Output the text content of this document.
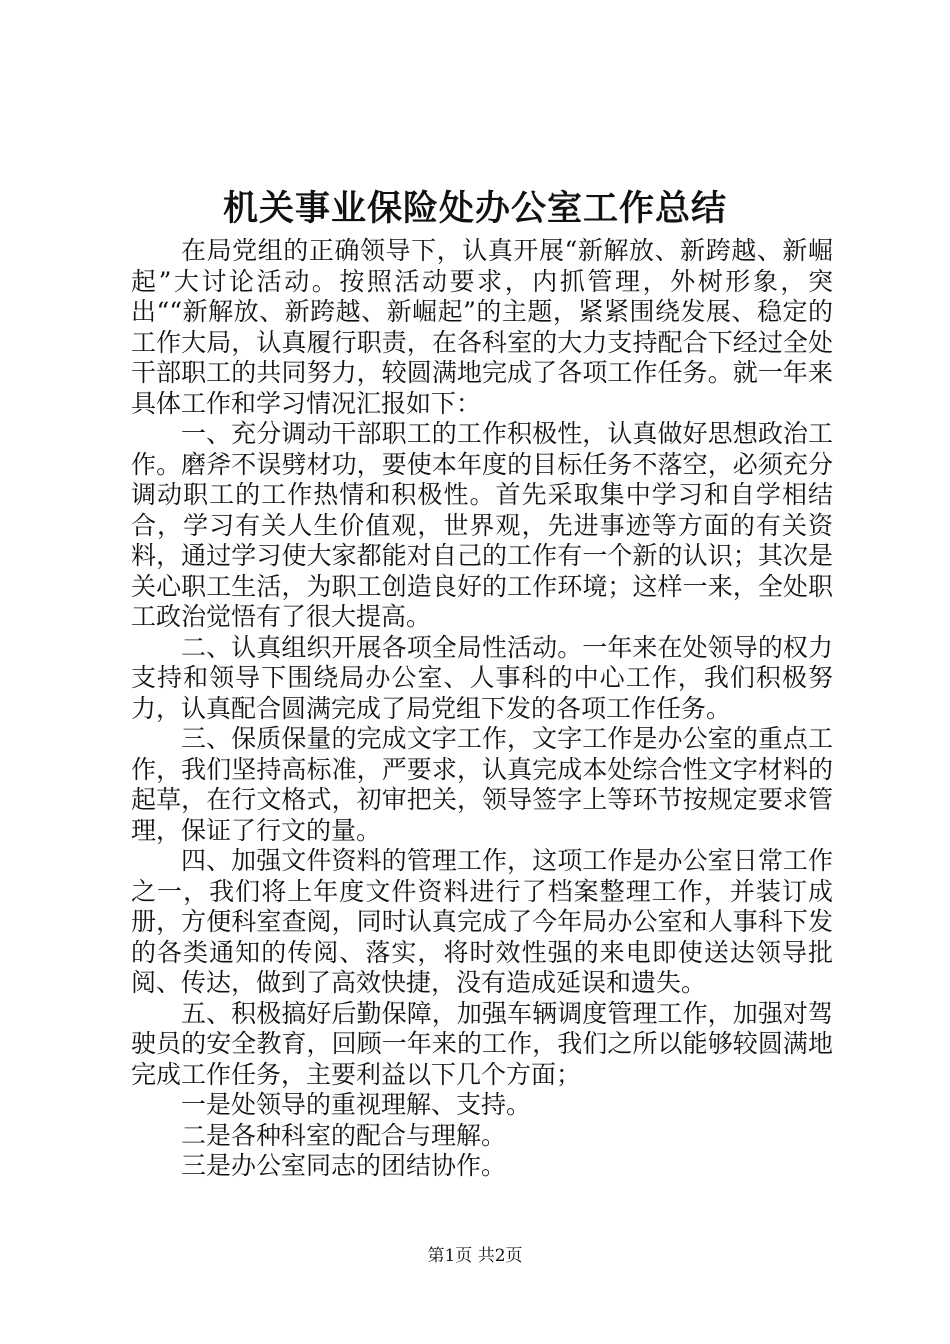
机关事业保险处办公室工作总结

在局党组的正确领导下，认真开展“新解放、新跨越、新崛起”大讨论活动。按照活动要求，内抓管理，外树形象，突出““新解放、新跨越、新崛起”的主题，紧紧围绕发展、稳定的工作大局，认真履行职责，在各科室的大力支持配合下经过全处干部职工的共同努力，较圆满地完成了各项工作任务。就一年来具体工作和学习情况汇报如下：

一、充分调动干部职工的工作积极性，认真做好思想政治工作。磨斧不误劈材功，要使本年度的目标任务不落空，必须充分调动职工的工作热情和积极性。首先采取集中学习和自学相结合，学习有关人生价值观，世界观，先进事迹等方面的有关资料，通过学习使大家都能对自己的工作有一个新的认识；其次是关心职工生活，为职工创造良好的工作环境；这样一来，全处职工政治觉悟有了很大提高。

二、认真组织开展各项全局性活动。一年来在处领导的权力支持和领导下围绕局办公室、人事科的中心工作，我们积极努力，认真配合圆满完成了局党组下发的各项工作任务。

三、保质保量的完成文字工作，文字工作是办公室的重点工作，我们坚持高标准，严要求，认真完成本处综合性文字材料的起草，在行文格式，初审把关，领导签字上等环节按规定要求管理，保证了行文的量。

四、加强文件资料的管理工作，这项工作是办公室日常工作之一，我们将上年度文件资料进行了档案整理工作，并装订成册，方便科室查阅，同时认真完成了今年局办公室和人事科下发的各类通知的传阅、落实，将时效性强的来电即使送达领导批阅、传达，做到了高效快捷，没有造成延误和遗失。

五、积极搞好后勤保障，加强车辆调度管理工作，加强对驾驶员的安全教育，回顾一年来的工作，我们之所以能够较圆满地完成工作任务，主要利益以下几个方面；

一是处领导的重视理解、支持。

二是各种科室的配合与理解。

三是办公室同志的团结协作。

第1页 共2页
